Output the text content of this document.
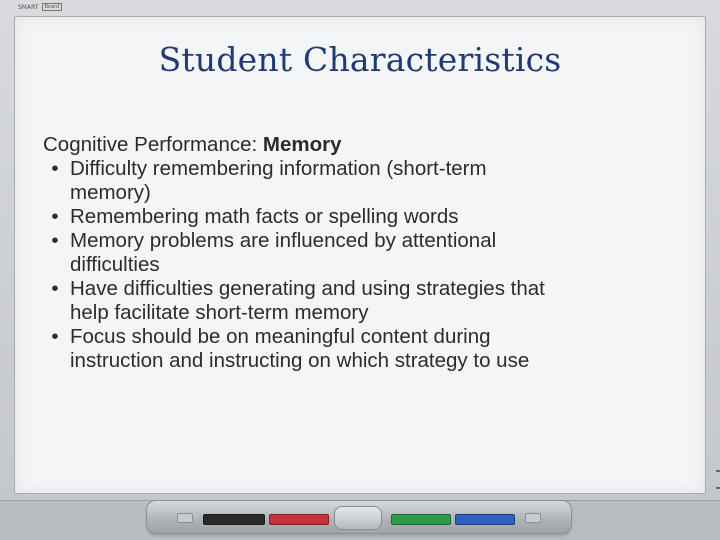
SMART	Board
Student Characteristics
Cognitive Performance: Memory
• Difficulty remembering information (short-term
memory)
• Remembering math facts or spelling words
• Memory problems are influenced by attentional
difficulties
• Have difficulties generating and using strategies that
help facilitate short-term memory
• Focus should be on meaningful content during
instruction and instructing on which strategy to use
